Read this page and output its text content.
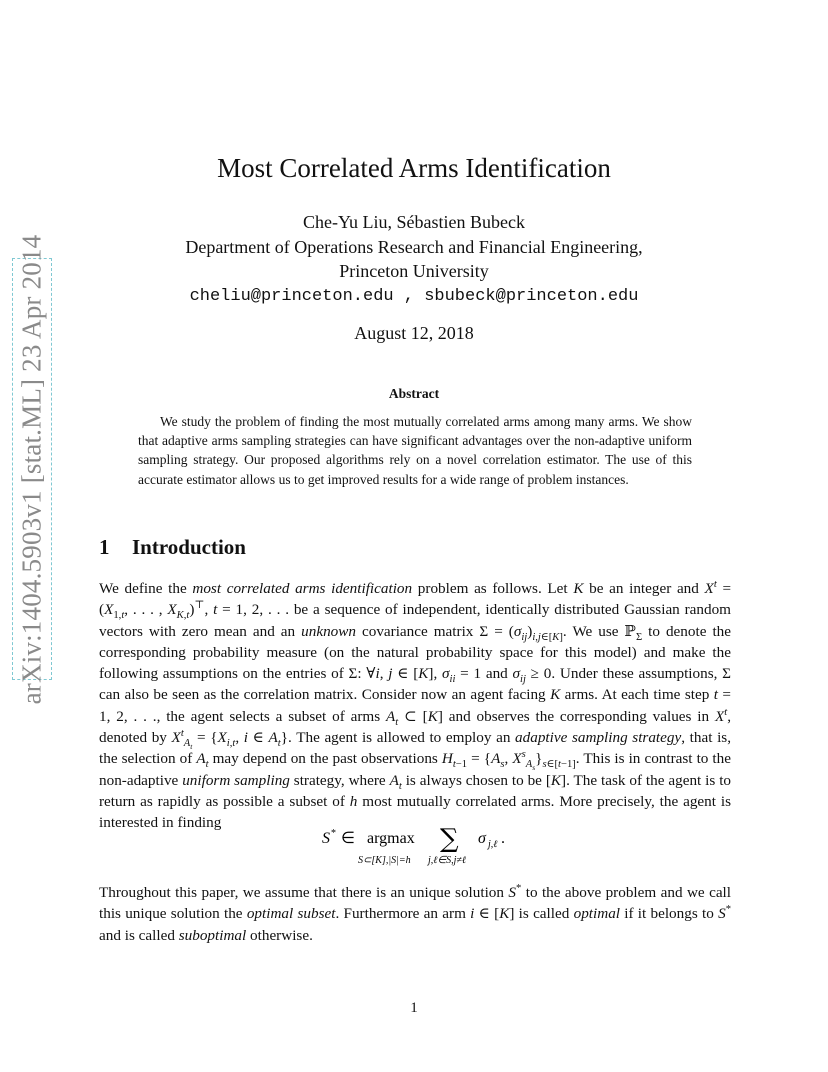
arXiv:1404.5903v1 [stat.ML] 23 Apr 2014
Most Correlated Arms Identification
Che-Yu Liu, Sébastien Bubeck
Department of Operations Research and Financial Engineering,
Princeton University
cheliu@princeton.edu , sbubeck@princeton.edu
August 12, 2018
Abstract

We study the problem of finding the most mutually correlated arms among many arms. We show that adaptive arms sampling strategies can have significant advantages over the non-adaptive uniform sampling strategy. Our proposed algorithms rely on a novel correlation estimator. The use of this accurate estimator allows us to get improved results for a wide range of problem instances.

1 Introduction

We define the most correlated arms identification problem as follows. Let K be an integer and $X^t = (X_{1,t}$, . . . , $X_{K,t})^⊤$, t = 1, 2, . . . be a sequence of independent, identically distributed Gaussian random vectors with zero mean and an unknown covariance matrix $\Sigma = (\sigma_{ij})_{i,j\in[K]}$. We use ℙ$_\Sigma$ to denote the corresponding probability measure (on the natural probability space for this model) and make the following assumptions on the entries of Σ: ∀i, j ∈ [K], $\sigma_{ii} = 1$ and $\sigma_{ij} \ge 0$. Under these assumptions, Σ can also be seen as the correlation matrix. Consider now an agent facing K arms. At each time step t = 1, 2, . . ., the agent selects a subset of arms $A_t$ ⊂ [K] and observes the corresponding values in $X^t$, denoted by $X^t_{A_t} = \{X_{i,t}$, i ∈ $A_t$}. The agent is allowed to employ an adaptive sampling strategy, that is, the selection of $A_t$ may depend on the past observations $H_{t-1} = \{A_s$, $X^s_{A_s}\}_{s\in[t-1]}$. This is in contrast to the non-adaptive uniform sampling strategy, where $A_t$ is always chosen to be [K]. The task of the agent is to return as rapidly as possible a subset of h most mutually correlated arms. More precisely, the agent is interested in finding

S * ∈ argmax
S⊂[K],|S|=h
∑
j,ℓ∈S,j≠ℓ
σ j,ℓ .

Throughout this paper, we assume that there is an unique solution S* to the above problem and we call this unique solution the optimal subset. Furthermore an arm i ∈ [K] is called optimal if it belongs to S* and is called suboptimal otherwise.

1
